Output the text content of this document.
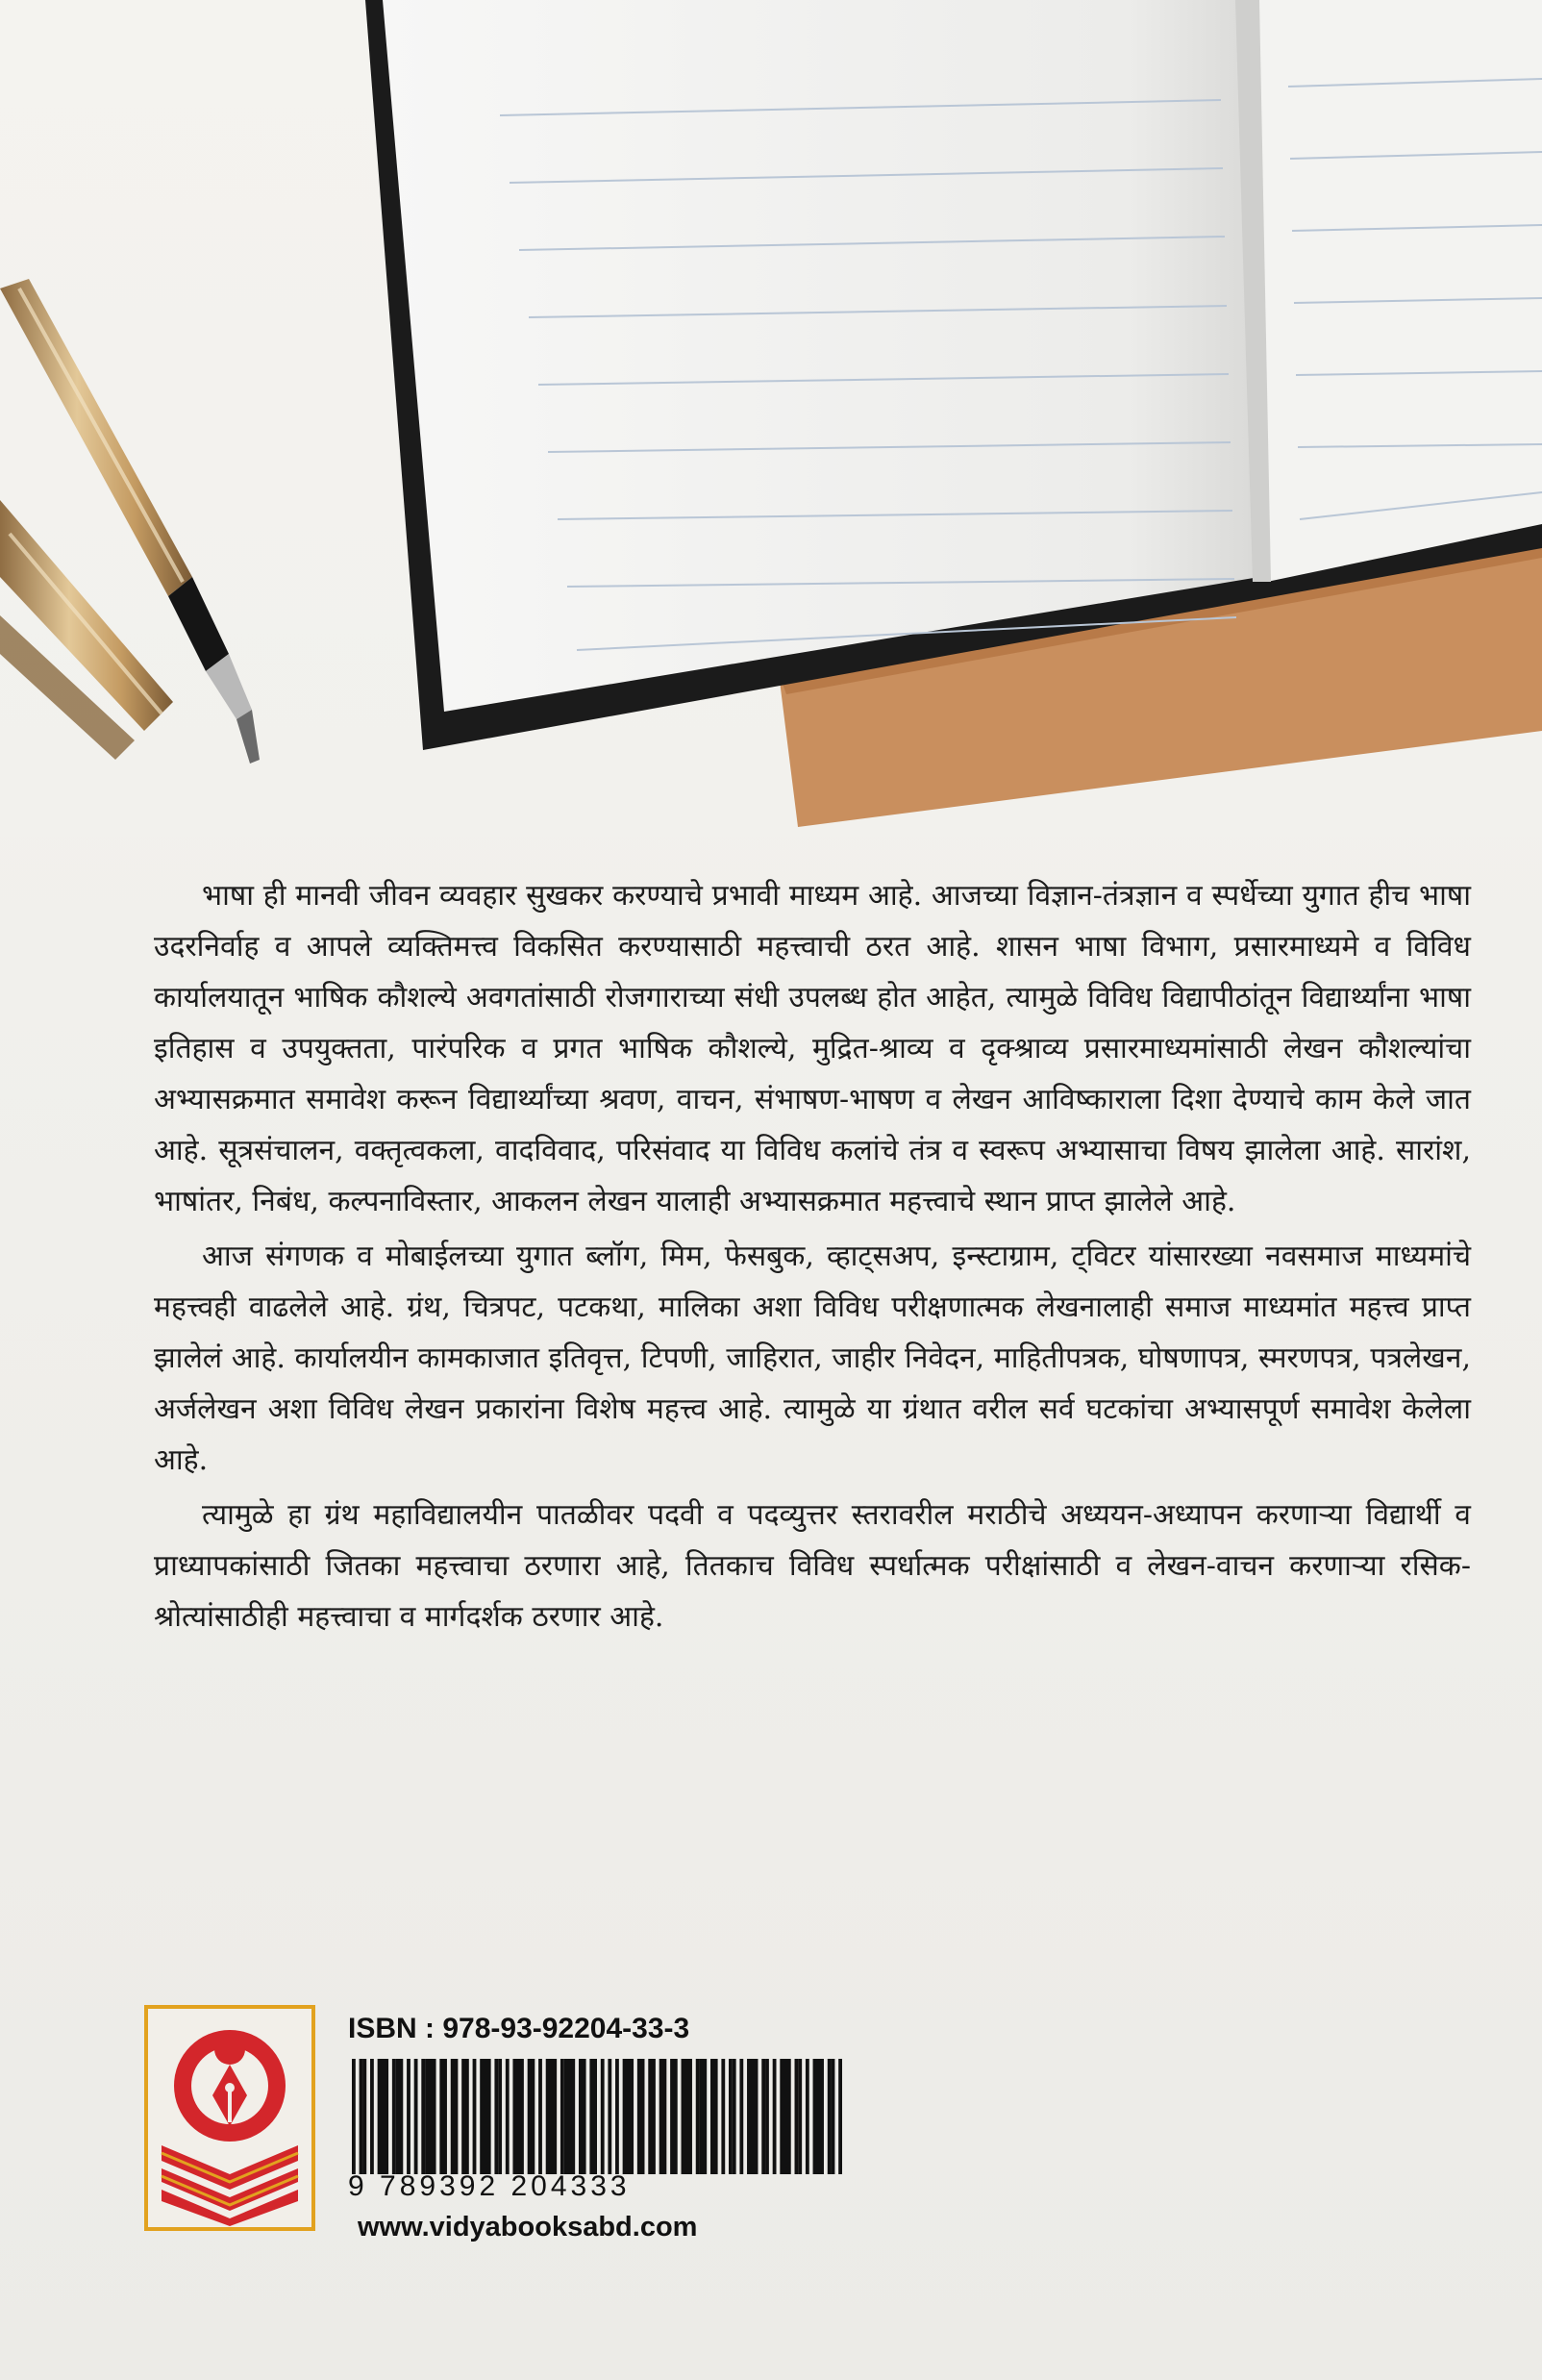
भाषा ही मानवी जीवन व्यवहार सुखकर करण्याचे प्रभावी माध्यम आहे. आजच्या विज्ञान-तंत्रज्ञान व स्पर्धेच्या युगात हीच भाषा उदरनिर्वाह व आपले व्यक्तिमत्त्व विकसित करण्यासाठी महत्त्वाची ठरत आहे. शासन भाषा विभाग, प्रसारमाध्यमे व विविध कार्यालयातून भाषिक कौशल्ये अवगतांसाठी रोजगाराच्या संधी उपलब्ध होत आहेत, त्यामुळे विविध विद्यापीठांतून विद्यार्थ्यांना भाषा इतिहास व उपयुक्तता, पारंपरिक व प्रगत भाषिक कौशल्ये, मुद्रित-श्राव्य व दृक्श्राव्य प्रसारमाध्यमांसाठी लेखन कौशल्यांचा अभ्यासक्रमात समावेश करून विद्यार्थ्यांच्या श्रवण, वाचन, संभाषण-भाषण व लेखन आविष्काराला दिशा देण्याचे काम केले जात आहे. सूत्रसंचालन, वक्तृत्वकला, वादविवाद, परिसंवाद या विविध कलांचे तंत्र व स्वरूप अभ्यासाचा विषय झालेला आहे. सारांश, भाषांतर, निबंध, कल्पनाविस्तार, आकलन लेखन यालाही अभ्यासक्रमात महत्त्वाचे स्थान प्राप्त झालेले आहे.

आज संगणक व मोबाईलच्या युगात ब्लॉग, मिम, फेसबुक, व्हाट्सअप, इन्स्टाग्राम, ट्विटर यांसारख्या नवसमाज माध्यमांचे महत्त्वही वाढलेले आहे. ग्रंथ, चित्रपट, पटकथा, मालिका अशा विविध परीक्षणात्मक लेखनालाही समाज माध्यमांत महत्त्व प्राप्त झालेलं आहे. कार्यालयीन कामकाजात इतिवृत्त, टिपणी, जाहिरात, जाहीर निवेदन, माहितीपत्रक, घोषणापत्र, स्मरणपत्र, पत्रलेखन, अर्जलेखन अशा विविध लेखन प्रकारांना विशेष महत्त्व आहे. त्यामुळे या ग्रंथात वरील सर्व घटकांचा अभ्यासपूर्ण समावेश केलेला आहे.

त्यामुळे हा ग्रंथ महाविद्यालयीन पातळीवर पदवी व पदव्युत्तर स्तरावरील मराठीचे अध्ययन-अध्यापन करणाऱ्या विद्यार्थी व प्राध्यापकांसाठी जितका महत्त्वाचा ठरणारा आहे, तितकाच विविध स्पर्धात्मक परीक्षांसाठी व लेखन-वाचन करणाऱ्या रसिक-श्रोत्यांसाठीही महत्त्वाचा व मार्गदर्शक ठरणार आहे.

ISBN : 978-93-92204-33-3
9 789392 204333
www.vidyabooksabd.com
